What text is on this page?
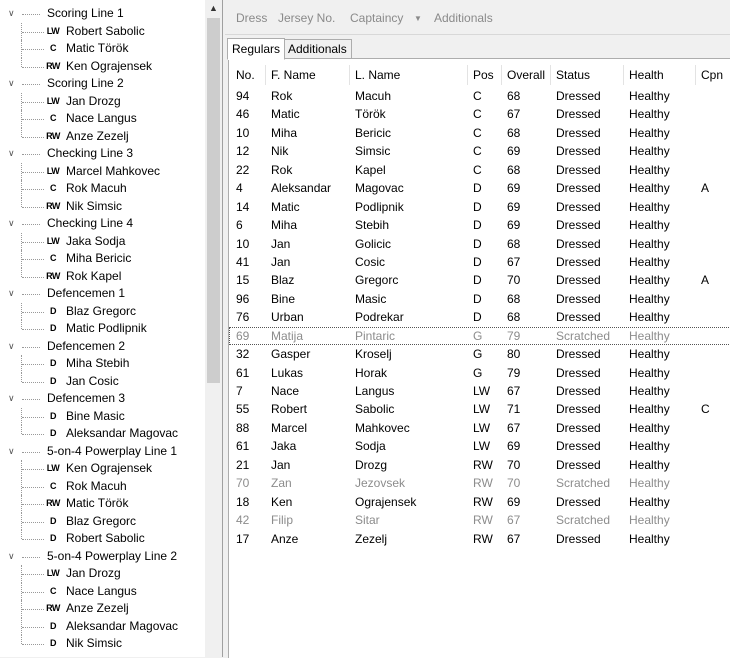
∨	Scoring Line 1
LW Robert Sabolic
C Matic Török
RW Ken Ograjensek
∨	Scoring Line 2
LW Jan Drozg
C Nace Langus
RW Anze Zezelj
∨	Checking Line 3
LW Marcel Mahkovec
C Rok Macuh
RW Nik Simsic
∨	Checking Line 4
LW Jaka Sodja
C Miha Bericic
RW Rok Kapel
∨	Defencemen 1
D Blaz Gregorc
D Matic Podlipnik
∨	Defencemen 2
D Miha Stebih
D Jan Cosic
∨	Defencemen 3
D Bine Masic
D Aleksandar Magovac
∨	5-on-4 Powerplay Line 1
LW Ken Ograjensek
C Rok Macuh
RW Matic Török
D Blaz Gregorc
D Robert Sabolic
∨	5-on-4 Powerplay Line 2
LW Jan Drozg
C Nace Langus
RW Anze Zezelj
D Aleksandar Magovac
D Nik Simsic
▲
Dress Jersey No. Captaincy ▼ Additionals
Regulars Additionals
No.	F. Name	L. Name	Pos	Overall Status	Health	Cpn
94	Rok	Macuh	C	68	Dressed	Healthy
46	Matic	Török	C	67	Dressed	Healthy
10	Miha	Bericic	C	68	Dressed	Healthy
12	Nik	Simsic	C	69	Dressed	Healthy
22	Rok	Kapel	C	68	Dressed	Healthy
4	Aleksandar	Magovac	D	69	Dressed	Healthy	A
14	Matic	Podlipnik	D	69	Dressed	Healthy
6	Miha	Stebih	D	69	Dressed	Healthy
10	Jan	Golicic	D	68	Dressed	Healthy
41	Jan	Cosic	D	67	Dressed	Healthy
15	Blaz	Gregorc	D	70	Dressed	Healthy	A
96	Bine	Masic	D	68	Dressed	Healthy
76	Urban	Podrekar	D	68	Dressed	Healthy
69	Matija	Pintaric	G	79	Scratched	Healthy
32	Gasper	Kroselj	G	80	Dressed	Healthy
61	Lukas	Horak	G	79	Dressed	Healthy
7	Nace	Langus	LW	67	Dressed	Healthy
55	Robert	Sabolic	LW	71	Dressed	Healthy	C
88	Marcel	Mahkovec	LW	67	Dressed	Healthy
61	Jaka	Sodja	LW	69	Dressed	Healthy
21	Jan	Drozg	RW	70	Dressed	Healthy
70	Zan	Jezovsek	RW	70	Scratched	Healthy
18	Ken	Ograjensek	RW	69	Dressed	Healthy
42	Filip	Sitar	RW	67	Scratched	Healthy
17	Anze	Zezelj	RW	67	Dressed	Healthy
